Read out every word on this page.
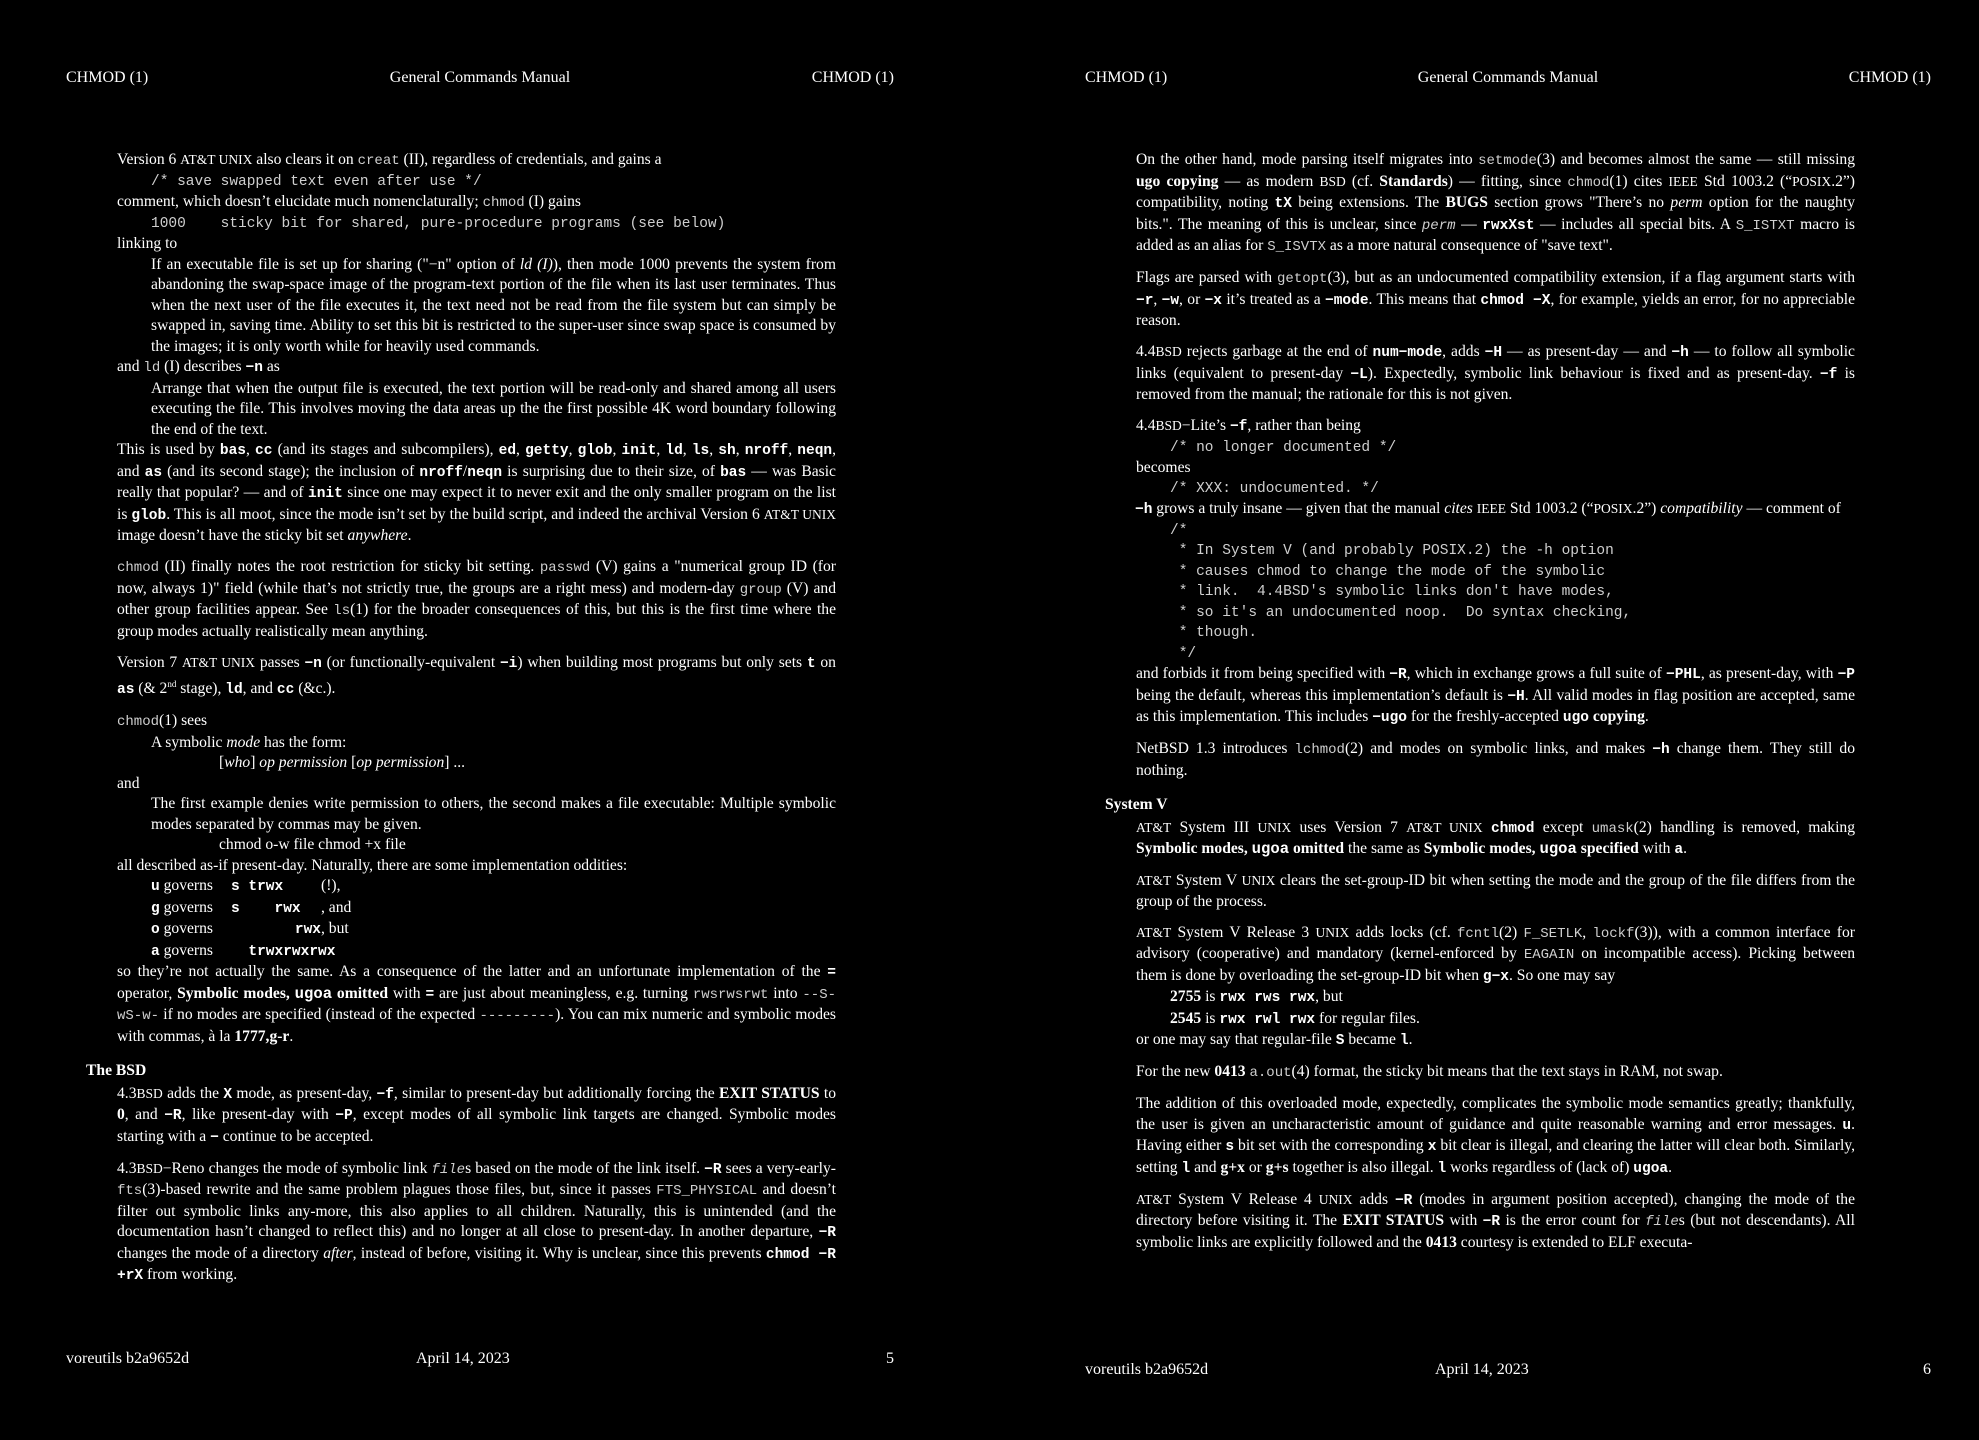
CHMOD (1)	General Commands Manual	CHMOD (1)
Version 6 AT&T UNIX also clears it on creat (II), regardless of credentials, and gains a
/* save swapped text even after use */
comment, which doesn’t elucidate much nomenclaturally; chmod (I) gains
1000    sticky bit for shared, pure-procedure programs (see below)
linking to
If an executable file is set up for sharing ("−n" option of ld (I)), then mode 1000 prevents the system from abandoning the swap-space image of the program-text portion of the file when its last user terminates. Thus when the next user of the file executes it, the text need not be read from the file system but can simply be swapped in, saving time. Ability to set this bit is restricted to the super-user since swap space is consumed by the images; it is only worth while for heavily used commands.
and ld (I) describes −n as
Arrange that when the output file is executed, the text portion will be read-only and shared among all users executing the file. This involves moving the data areas up the the first possible 4K word boundary following the end of the text.

This is used by bas, cc (and its stages and subcompilers), ed, getty, glob, init, ld, ls, sh, nroff, neqn, and as (and its second stage); the inclusion of nroff/neqn is surprising due to their size, of bas — was Basic really that popular? — and of init since one may expect it to never exit and the only smaller program on the list is glob. This is all moot, since the mode isn’t set by the build script, and indeed the archival Version 6 AT&T UNIX image doesn’t have the sticky bit set anywhere.

chmod (II) finally notes the root restriction for sticky bit setting. passwd (V) gains a "numerical group ID (for now, always 1)" field (while that’s not strictly true, the groups are a right mess) and modern-day group (V) and other group facilities appear. See ls(1) for the broader consequences of this, but this is the first time where the group modes actually realistically mean anything.

Version 7 AT&T UNIX passes −n (or functionally-equivalent −i) when building most programs but only sets t on as (& 2nd stage), ld, and cc (&c.).

chmod(1) sees
A symbolic mode has the form:
[who] op permission [op permission] ...
and
The first example denies write permission to others, the second makes a file executable: Multiple symbolic modes separated by commas may be given.
chmod o-w file chmod +x file
all described as-if present-day. Naturally, there are some implementation oddities:
u governs	s trwx	(!),
g governs	s    rwx	, and
o governs	rwx	, but
a governs	trwxrwxrwx	

so they’re not actually the same. As a consequence of the latter and an unfortunate implementation of the = operator, Symbolic modes, ugoa omitted with = are just about meaningless, e.g. turning rwsrwsrwt into --S-wS-w- if no modes are specified (instead of the expected ---------). You can mix numeric and symbolic modes with commas, à la 1777,g-r.

The BSD

4.3BSD adds the X mode, as present-day, −f, similar to present-day but additionally forcing the EXIT STATUS to 0, and −R, like present-day with −P, except modes of all symbolic link targets are changed. Symbolic modes starting with a − continue to be accepted.

4.3BSD−Reno changes the mode of symbolic link files based on the mode of the link itself. −R sees a very-early-fts(3)-based rewrite and the same problem plagues those files, but, since it passes FTS_PHYSICAL and doesn’t filter out symbolic links any-more, this also applies to all children. Naturally, this is unintended (and the documentation hasn’t changed to reflect this) and no longer at all close to present-day. In another departure, −R changes the mode of a directory after, instead of before, visiting it. Why is unclear, since this prevents chmod −R +rX from working.

voreutils b2a9652d	April 14, 2023	5
CHMOD (1)	General Commands Manual	CHMOD (1)

On the other hand, mode parsing itself migrates into setmode(3) and becomes almost the same — still missing ugo copying — as modern BSD (cf. Standards) — fitting, since chmod(1) cites IEEE Std 1003.2 (“POSIX.2”) compatibility, noting tX being extensions. The BUGS section grows "There’s no perm option for the naughty bits.". The meaning of this is unclear, since perm — rwxXst — includes all special bits. A S_ISTXT macro is added as an alias for S_ISVTX as a more natural consequence of "save text".

Flags are parsed with getopt(3), but as an undocumented compatibility extension, if a flag argument starts with −r, −w, or −x it’s treated as a −mode. This means that chmod −X, for example, yields an error, for no appreciable reason.

4.4BSD rejects garbage at the end of num−mode, adds −H — as present-day — and −h — to follow all symbolic links (equivalent to present-day −L). Expectedly, symbolic link behaviour is fixed and as present-day. −f is removed from the manual; the rationale for this is not given.

4.4BSD−Lite’s −f, rather than being
/* no longer documented */
becomes
/* XXX: undocumented. */
−h grows a truly insane — given that the manual cites IEEE Std 1003.2 (“POSIX.2”) compatibility — comment of
/*
* In System V (and probably POSIX.2) the -h option
* causes chmod to change the mode of the symbolic
* link.  4.4BSD's symbolic links don't have modes,
* so it's an undocumented noop.  Do syntax checking,
* though.
*/

and forbids it from being specified with −R, which in exchange grows a full suite of −PHL, as present-day, with −P being the default, whereas this implementation’s default is −H. All valid modes in flag position are accepted, same as this implementation. This includes −ugo for the freshly-accepted ugo copying.

NetBSD 1.3 introduces lchmod(2) and modes on symbolic links, and makes −h change them. They still do nothing.

System V

AT&T System III UNIX uses Version 7 AT&T UNIX chmod except umask(2) handling is removed, making Symbolic modes, ugoa omitted the same as Symbolic modes, ugoa specified with a.

AT&T System V UNIX clears the set-group-ID bit when setting the mode and the group of the file differs from the group of the process.

AT&T System V Release 3 UNIX adds locks (cf. fcntl(2) F_SETLK, lockf(3)), with a common interface for advisory (cooperative) and mandatory (kernel-enforced by EAGAIN on incompatible access). Picking between them is done by overloading the set-group-ID bit when g−x. So one may say
2755 is rwx rws rwx, but
2545 is rwx rwl rwx for regular files.

or one may say that regular-file S became l.

For the new 0413 a.out(4) format, the sticky bit means that the text stays in RAM, not swap.

The addition of this overloaded mode, expectedly, complicates the symbolic mode semantics greatly; thankfully, the user is given an uncharacteristic amount of guidance and quite reasonable warning and error messages. u. Having either s bit set with the corresponding x bit clear is illegal, and clearing the latter will clear both. Similarly, setting l and g+x or g+s together is also illegal. l works regardless of (lack of) ugoa.

AT&T System V Release 4 UNIX adds −R (modes in argument position accepted), changing the mode of the directory before visiting it. The EXIT STATUS with −R is the error count for files (but not descendants). All symbolic links are explicitly followed and the 0413 courtesy is extended to ELF executa-

voreutils b2a9652d	April 14, 2023	6
